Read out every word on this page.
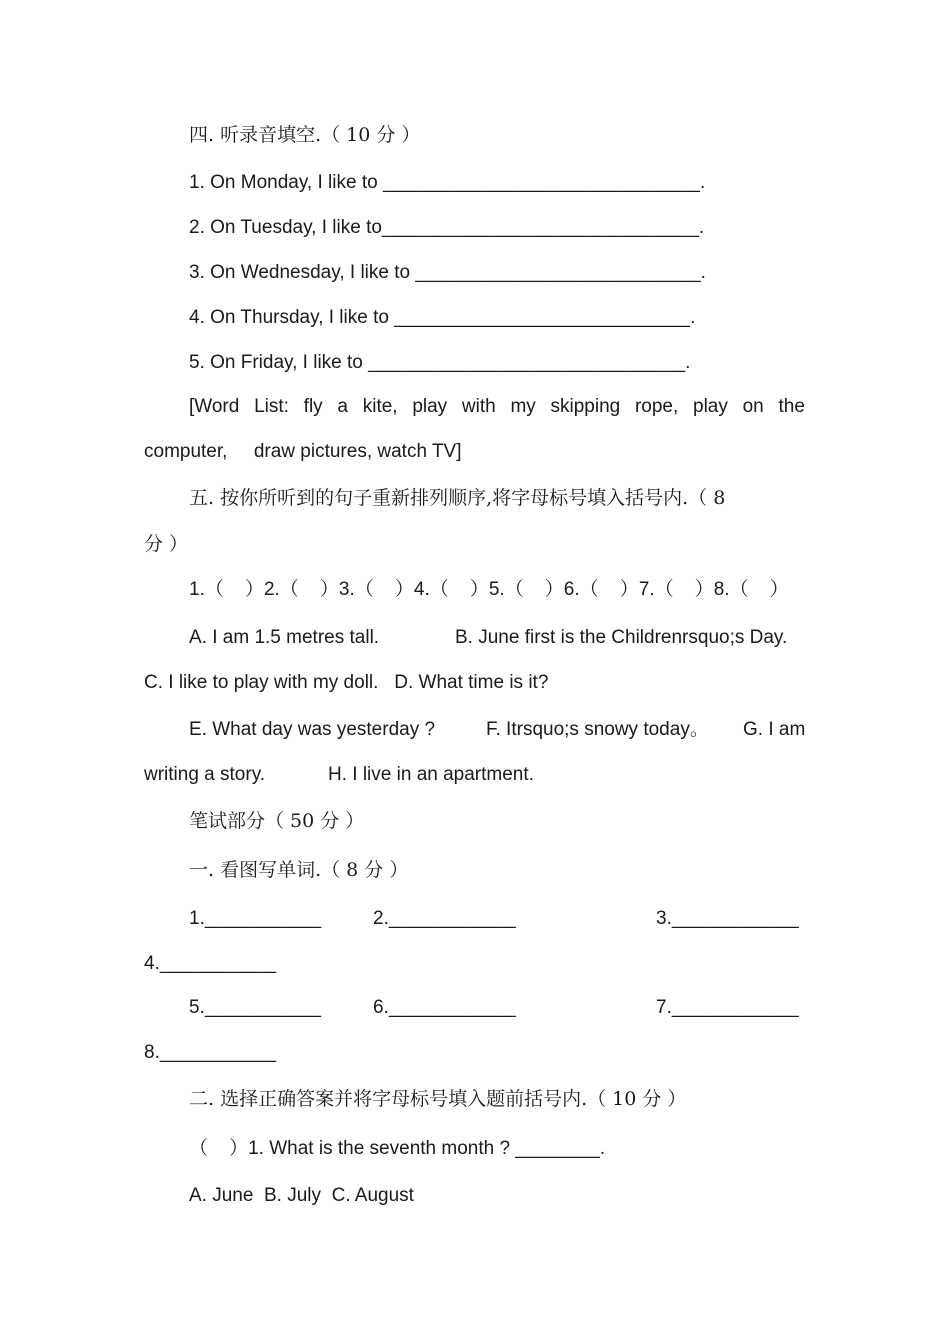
四. 听录音填空.（ 10 分 ）
1. On Monday, I like to ______________________________.
2. On Tuesday, I like to______________________________.
3. On Wednesday, I like to ___________________________.
4. On Thursday, I like to ____________________________.
5. On Friday, I like to ______________________________.
[Word List: fly a kite, play with my skipping rope, play on the
computer,     draw pictures, watch TV]
五. 按你所听到的句子重新排列顺序,将字母标号填入括号内.（ 8
分 ）
1.（    ）2.（    ）3.（    ）4.（    ）5.（    ）6.（    ）7.（    ）8.（    ）
A. I am 1.5 metres tall.	B. June first is the Childrenrsquo;s Day.
C. I like to play with my doll.   D. What time is it?
E. What day was yesterday ?	F. Itrsquo;s snowy today。 G. I am
writing a story.	H. I live in an apartment.
笔试部分（ 50 分 ）
一. 看图写单词.（ 8 分 ）
1.___________	2.____________	3.____________
4.___________
5.___________	6.____________	7.____________
8.___________
二. 选择正确答案并将字母标号填入题前括号内.（ 10 分 ）
（    ）1. What is the seventh month ? ________.
A. June  B. July  C. August
